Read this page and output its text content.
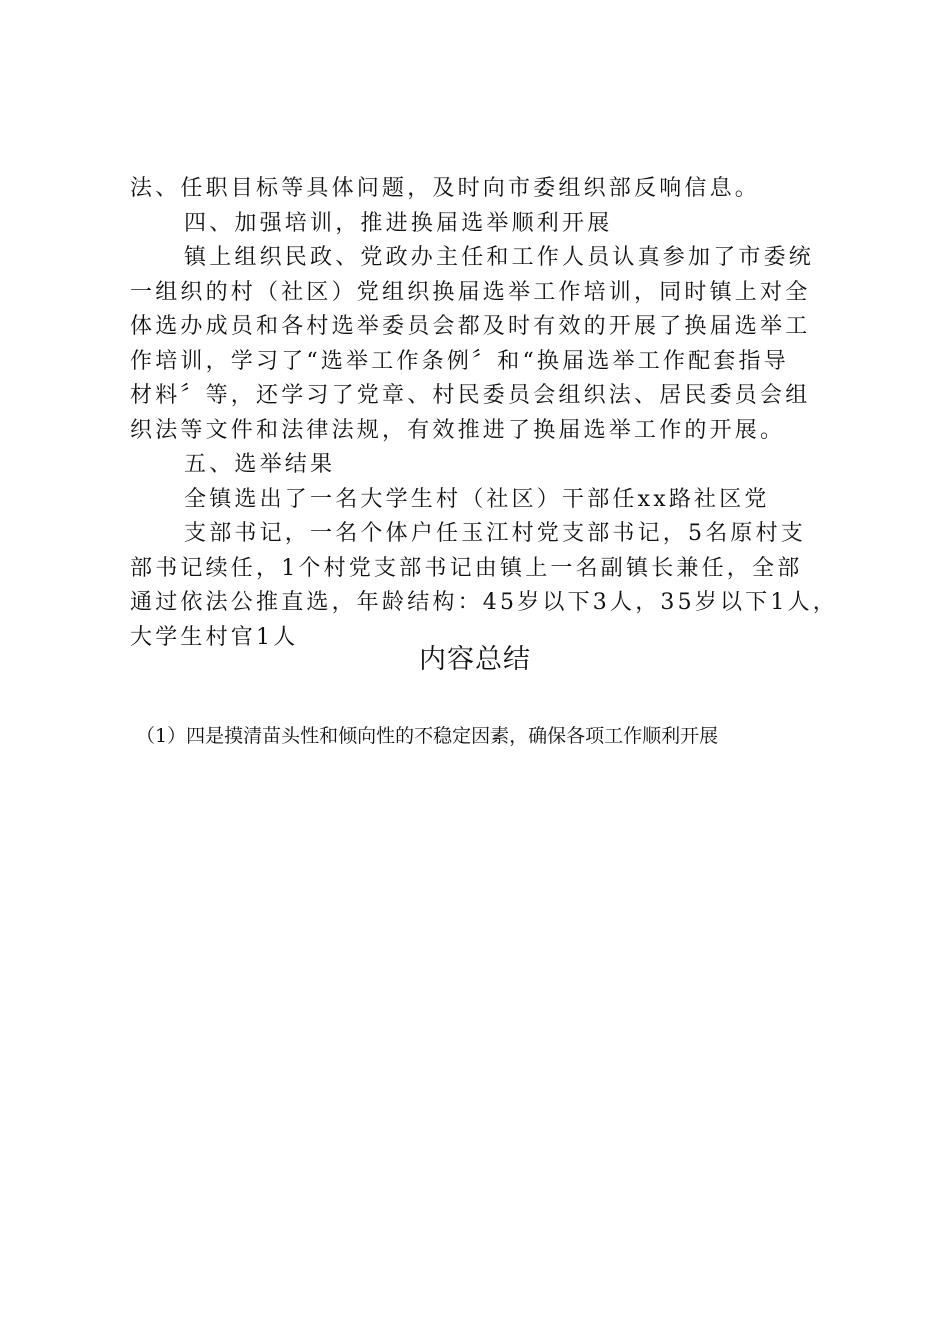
法、任职目标等具体问题，及时向市委组织部反响信息。
四、加强培训，推进换届选举顺利开展
镇上组织民政、党政办主任和工作人员认真参加了市委统
一组织的村（社区）党组织换届选举工作培训，同时镇上对全
体选办成员和各村选举委员会都及时有效的开展了换届选举工
作培训，学习了“选举工作条例〞和“换届选举工作配套指导
材料〞等，还学习了党章、村民委员会组织法、居民委员会组
织法等文件和法律法规，有效推进了换届选举工作的开展。
五、选举结果
全镇选出了一名大学生村（社区）干部任xx路社区党
支部书记，一名个体户任玉江村党支部书记，5名原村支
部书记续任，1个村党支部书记由镇上一名副镇长兼任，全部
通过依法公推直选，年龄结构：45岁以下3人，35岁以下1人，
大学生村官1人
内容总结
（1）四是摸清苗头性和倾向性的不稳定因素，确保各项工作顺利开展
